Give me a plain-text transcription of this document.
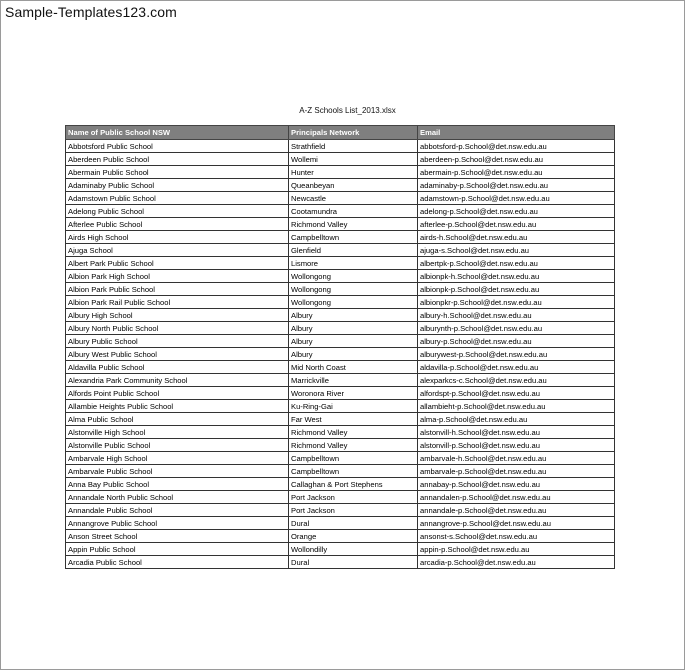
Sample-Templates123.com
A-Z Schools List_2013.xlsx
Name of Public School NSW	Principals Network	Email
Abbotsford Public School	Strathfield	abbotsford-p.School@det.nsw.edu.au
Aberdeen Public School	Wollemi	aberdeen-p.School@det.nsw.edu.au
Abermain Public School	Hunter	abermain-p.School@det.nsw.edu.au
Adaminaby Public School	Queanbeyan	adaminaby-p.School@det.nsw.edu.au
Adamstown Public School	Newcastle	adamstown-p.School@det.nsw.edu.au
Adelong Public School	Cootamundra	adelong-p.School@det.nsw.edu.au
Afterlee Public School	Richmond Valley	afterlee-p.School@det.nsw.edu.au
Airds High School	Campbelltown	airds-h.School@det.nsw.edu.au
Ajuga School	Glenfield	ajuga-s.School@det.nsw.edu.au
Albert Park Public School	Lismore	albertpk-p.School@det.nsw.edu.au
Albion Park High School	Wollongong	albionpk-h.School@det.nsw.edu.au
Albion Park Public School	Wollongong	albionpk-p.School@det.nsw.edu.au
Albion Park Rail Public School	Wollongong	albionpkr-p.School@det.nsw.edu.au
Albury High School	Albury	albury-h.School@det.nsw.edu.au
Albury North Public School	Albury	alburynth-p.School@det.nsw.edu.au
Albury Public School	Albury	albury-p.School@det.nsw.edu.au
Albury West Public School	Albury	alburywest-p.School@det.nsw.edu.au
Aldavilla Public School	Mid North Coast	aldavilla-p.School@det.nsw.edu.au
Alexandria Park Community School	Marrickville	alexparkcs-c.School@det.nsw.edu.au
Alfords Point Public School	Woronora River	alfordspt-p.School@det.nsw.edu.au
Allambie Heights Public School	Ku-Ring-Gai	allambieht-p.School@det.nsw.edu.au
Alma Public School	Far West	alma-p.School@det.nsw.edu.au
Alstonville High School	Richmond Valley	alstonvill-h.School@det.nsw.edu.au
Alstonville Public School	Richmond Valley	alstonvill-p.School@det.nsw.edu.au
Ambarvale High School	Campbelltown	ambarvale-h.School@det.nsw.edu.au
Ambarvale Public School	Campbelltown	ambarvale-p.School@det.nsw.edu.au
Anna Bay Public School	Callaghan & Port Stephens	annabay-p.School@det.nsw.edu.au
Annandale North Public School	Port Jackson	annandalen-p.School@det.nsw.edu.au
Annandale Public School	Port Jackson	annandale-p.School@det.nsw.edu.au
Annangrove Public School	Dural	annangrove-p.School@det.nsw.edu.au
Anson Street School	Orange	ansonst-s.School@det.nsw.edu.au
Appin Public School	Wollondilly	appin-p.School@det.nsw.edu.au
Arcadia Public School	Dural	arcadia-p.School@det.nsw.edu.au
